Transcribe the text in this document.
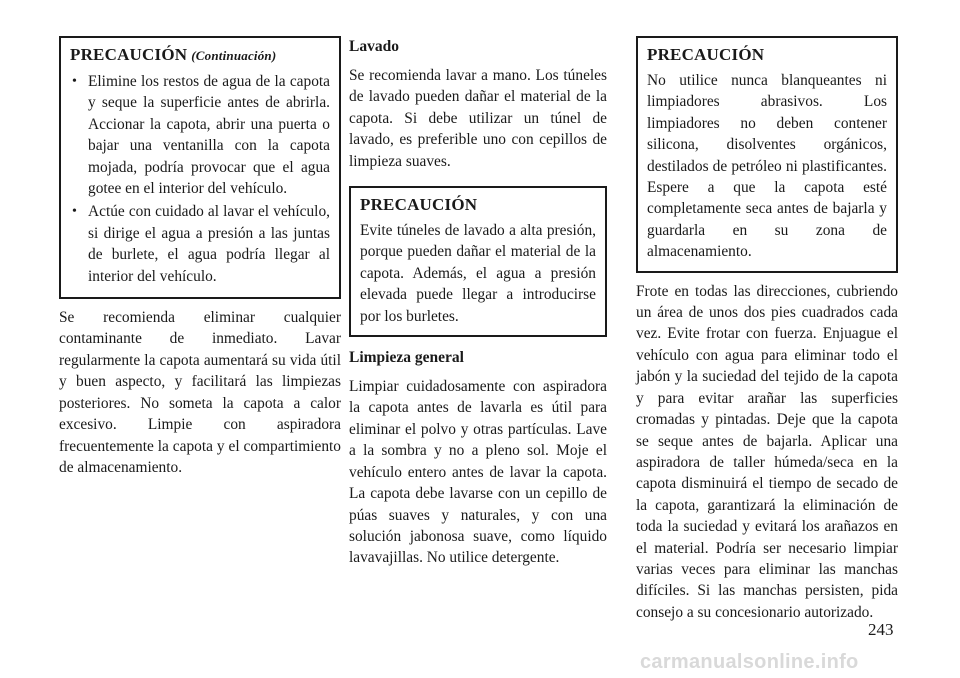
PRECAUCIÓN (Continuación)
• Elimine los restos de agua de la capota y seque la superficie antes de abrirla. Accionar la capota, abrir una puerta o bajar una ventanilla con la capota mojada, podría provocar que el agua gotee en el interior del vehículo.
• Actúe con cuidado al lavar el vehículo, si dirige el agua a presión a las juntas de burlete, el agua podría llegar al interior del vehículo.

Se recomienda eliminar cualquier contaminante de inmediato. Lavar regularmente la capota aumentará su vida útil y buen aspecto, y facilitará las limpiezas posteriores. No someta la capota a calor excesivo. Limpie con aspiradora frecuentemente la capota y el compartimiento de almacenamiento.

Lavado

Se recomienda lavar a mano. Los túneles de lavado pueden dañar el material de la capota. Si debe utilizar un túnel de lavado, es preferible uno con cepillos de limpieza suaves.

PRECAUCIÓN

Evite túneles de lavado a alta presión, porque pueden dañar el material de la capota. Además, el agua a presión elevada puede llegar a introducirse por los burletes.

Limpieza general

Limpiar cuidadosamente con aspiradora la capota antes de lavarla es útil para eliminar el polvo y otras partículas. Lave a la sombra y no a pleno sol. Moje el vehículo entero antes de lavar la capota. La capota debe lavarse con un cepillo de púas suaves y naturales, y con una solución jabonosa suave, como líquido lavavajillas. No utilice detergente.

PRECAUCIÓN

No utilice nunca blanqueantes ni limpiadores abrasivos. Los limpiadores no deben contener silicona, disolventes orgánicos, destilados de petróleo ni plastificantes. Espere a que la capota esté completamente seca antes de bajarla y guardarla en su zona de almacenamiento.

Frote en todas las direcciones, cubriendo un área de unos dos pies cuadrados cada vez. Evite frotar con fuerza. Enjuague el vehículo con agua para eliminar todo el jabón y la suciedad del tejido de la capota y para evitar arañar las superficies cromadas y pintadas. Deje que la capota se seque antes de bajarla. Aplicar una aspiradora de taller húmeda/seca en la capota disminuirá el tiempo de secado de la capota, garantizará la eliminación de toda la suciedad y evitará los arañazos en el material. Podría ser necesario limpiar varias veces para eliminar las manchas difíciles. Si las manchas persisten, pida consejo a su concesionario autorizado.

243
carmanualsonline.info
